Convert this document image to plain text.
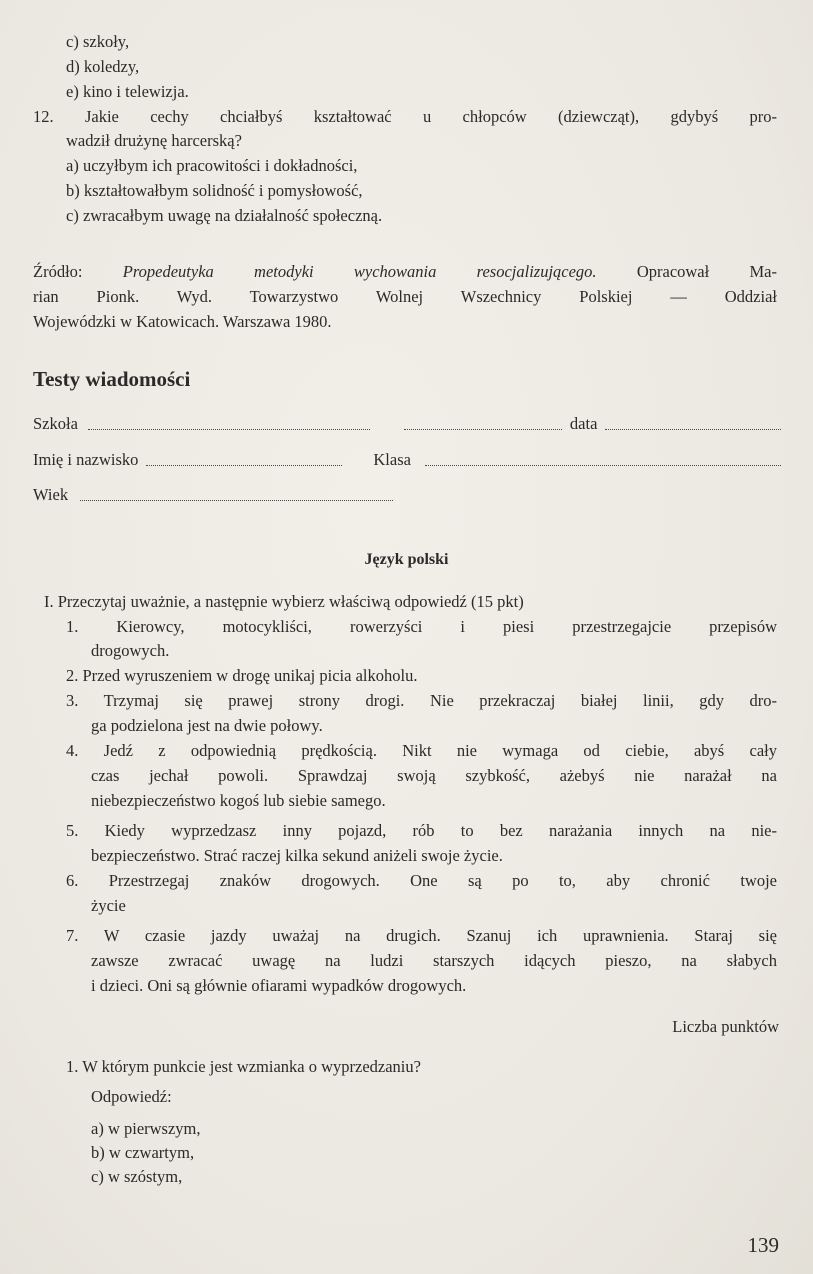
c) szkoły,
d) koledzy,
e) kino i telewizja.
12. Jakie cechy chciałbyś kształtować u chłopców (dziewcząt), gdybyś pro-
wadził drużynę harcerską?
a) uczyłbym ich pracowitości i dokładności,
b) kształtowałbym solidność i pomysłowość,
c) zwracałbym uwagę na działalność społeczną.
Źródło: Propedeutyka metodyki wychowania resocjalizującego. Opracował Ma-
rian Pionk. Wyd. Towarzystwo Wolnej Wszechnicy Polskiej — Oddział
Wojewódzki w Katowicach. Warszawa 1980.
Testy wiadomości
Szkoła	data
Imię i nazwisko	Klasa
Wiek
Język polski
I. Przeczytaj uważnie, a następnie wybierz właściwą odpowiedź (15 pkt)
1. Kierowcy, motocykliści, rowerzyści i piesi przestrzegajcie przepisów
drogowych.
2. Przed wyruszeniem w drogę unikaj picia alkoholu.
3. Trzymaj się prawej strony drogi. Nie przekraczaj białej linii, gdy dro-
ga podzielona jest na dwie połowy.
4. Jedź z odpowiednią prędkością. Nikt nie wymaga od ciebie, abyś cały
czas jechał powoli. Sprawdzaj swoją szybkość, ażebyś nie narażał na
niebezpieczeństwo kogoś lub siebie samego.
5. Kiedy wyprzedzasz inny pojazd, rób to bez narażania innych na nie-
bezpieczeństwo. Strać raczej kilka sekund aniżeli swoje życie.
6. Przestrzegaj znaków drogowych. One są po to, aby chronić twoje
życie
7. W czasie jazdy uważaj na drugich. Szanuj ich uprawnienia. Staraj się
zawsze zwracać uwagę na ludzi starszych idących pieszo, na słabych
i dzieci. Oni są głównie ofiarami wypadków drogowych.
Liczba punktów
1. W którym punkcie jest wzmianka o wyprzedzaniu?
Odpowiedź:
a) w pierwszym,
b) w czwartym,
c) w szóstym,
139
